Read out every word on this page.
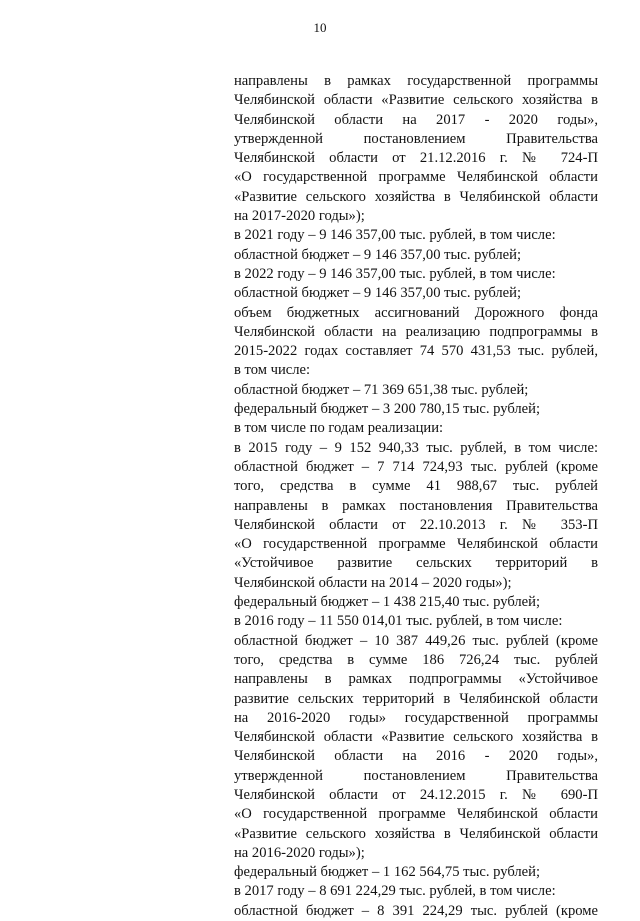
10
направлены в рамках государственной программы
Челябинской области «Развитие сельского хозяйства в
Челябинской области на 2017 - 2020 годы»,
утвержденной постановлением Правительства
Челябинской области от 21.12.2016 г. № 724-П
«О государственной программе Челябинской области
«Развитие сельского хозяйства в Челябинской области
на 2017-2020 годы»);
в 2021 году – 9 146 357,00 тыс. рублей, в том числе:
областной бюджет – 9 146 357,00 тыс. рублей;
в 2022 году – 9 146 357,00 тыс. рублей, в том числе:
областной бюджет – 9 146 357,00 тыс. рублей;
объем бюджетных ассигнований Дорожного фонда
Челябинской области на реализацию подпрограммы в
2015-2022 годах составляет 74 570 431,53 тыс. рублей,
в том числе:
областной бюджет – 71 369 651,38 тыс. рублей;
федеральный бюджет – 3 200 780,15 тыс. рублей;
в том числе по годам реализации:
в 2015 году – 9 152 940,33 тыс. рублей, в том числе:
областной бюджет – 7 714 724,93 тыс. рублей (кроме
того, средства в сумме 41 988,67 тыс. рублей
направлены в рамках постановления Правительства
Челябинской области от 22.10.2013 г. № 353-П
«О государственной программе Челябинской области
«Устойчивое развитие сельских территорий в
Челябинской области на 2014 – 2020 годы»);
федеральный бюджет – 1 438 215,40 тыс. рублей;
в 2016 году – 11 550 014,01 тыс. рублей, в том числе:
областной бюджет – 10 387 449,26 тыс. рублей (кроме
того, средства в сумме 186 726,24 тыс. рублей
направлены в рамках подпрограммы «Устойчивое
развитие сельских территорий в Челябинской области
на 2016-2020 годы» государственной программы
Челябинской области «Развитие сельского хозяйства в
Челябинской области на 2016 - 2020 годы»,
утвержденной постановлением Правительства
Челябинской области от 24.12.2015 г. № 690-П
«О государственной программе Челябинской области
«Развитие сельского хозяйства в Челябинской области
на 2016-2020 годы»);
федеральный бюджет – 1 162 564,75 тыс. рублей;
в 2017 году – 8 691 224,29 тыс. рублей, в том числе:
областной бюджет – 8 391 224,29 тыс. рублей (кроме
